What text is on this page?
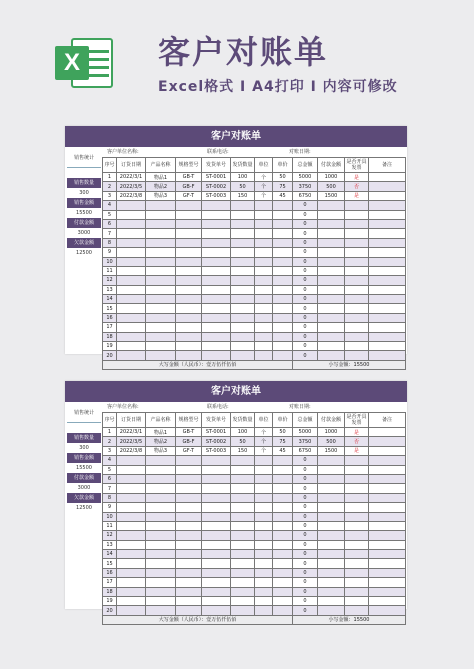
X 客户对账单
Excel格式 I A4打印 I 内容可修改
客户对账单
客户单位名称:	联系电话:	对账日期:
销售统计
销售数量
300
销售金额
15500
付款金额
3000
欠款金额
12500
序号	订货日期	产品名称	规格型号	发货单号	发货数量	单位	单价	总金额	付款金额	是否开具发票	备注
1	2022/3/1	物品1	GB-T	ST-0001	100	个	50	5000	1000	是	
2	2022/3/5	物品2	GB-F	ST-0002	50	个	75	3750	500	否	
3	2022/3/8	物品3	GF-T	ST-0003	150	个	45	6750	1500	是	
4								0			
5								0			
6								0			
7								0			
8								0			
9								0			
10								0			
11								0			
12								0			
13								0			
14								0			
15								0			
16								0			
17								0			
18								0			
19								0			
20								0			
大写金额（人民币）：壹万伍仟伍佰								小写金额：15500			
客户对账单
客户单位名称:	联系电话:	对账日期:
销售统计
销售数量
300
销售金额
15500
付款金额
3000
欠款金额
12500
序号	订货日期	产品名称	规格型号	发货单号	发货数量	单位	单价	总金额	付款金额	是否开具发票	备注
1	2022/3/1	物品1	GB-T	ST-0001	100	个	50	5000	1000	是	
2	2022/3/5	物品2	GB-F	ST-0002	50	个	75	3750	500	否	
3	2022/3/8	物品3	GF-T	ST-0003	150	个	45	6750	1500	是	
4								0			
5								0			
6								0			
7								0			
8								0			
9								0			
10								0			
11								0			
12								0			
13								0			
14								0			
15								0			
16								0			
17								0			
18								0			
19								0			
20								0			
大写金额（人民币）：壹万伍仟伍佰								小写金额：15500			
